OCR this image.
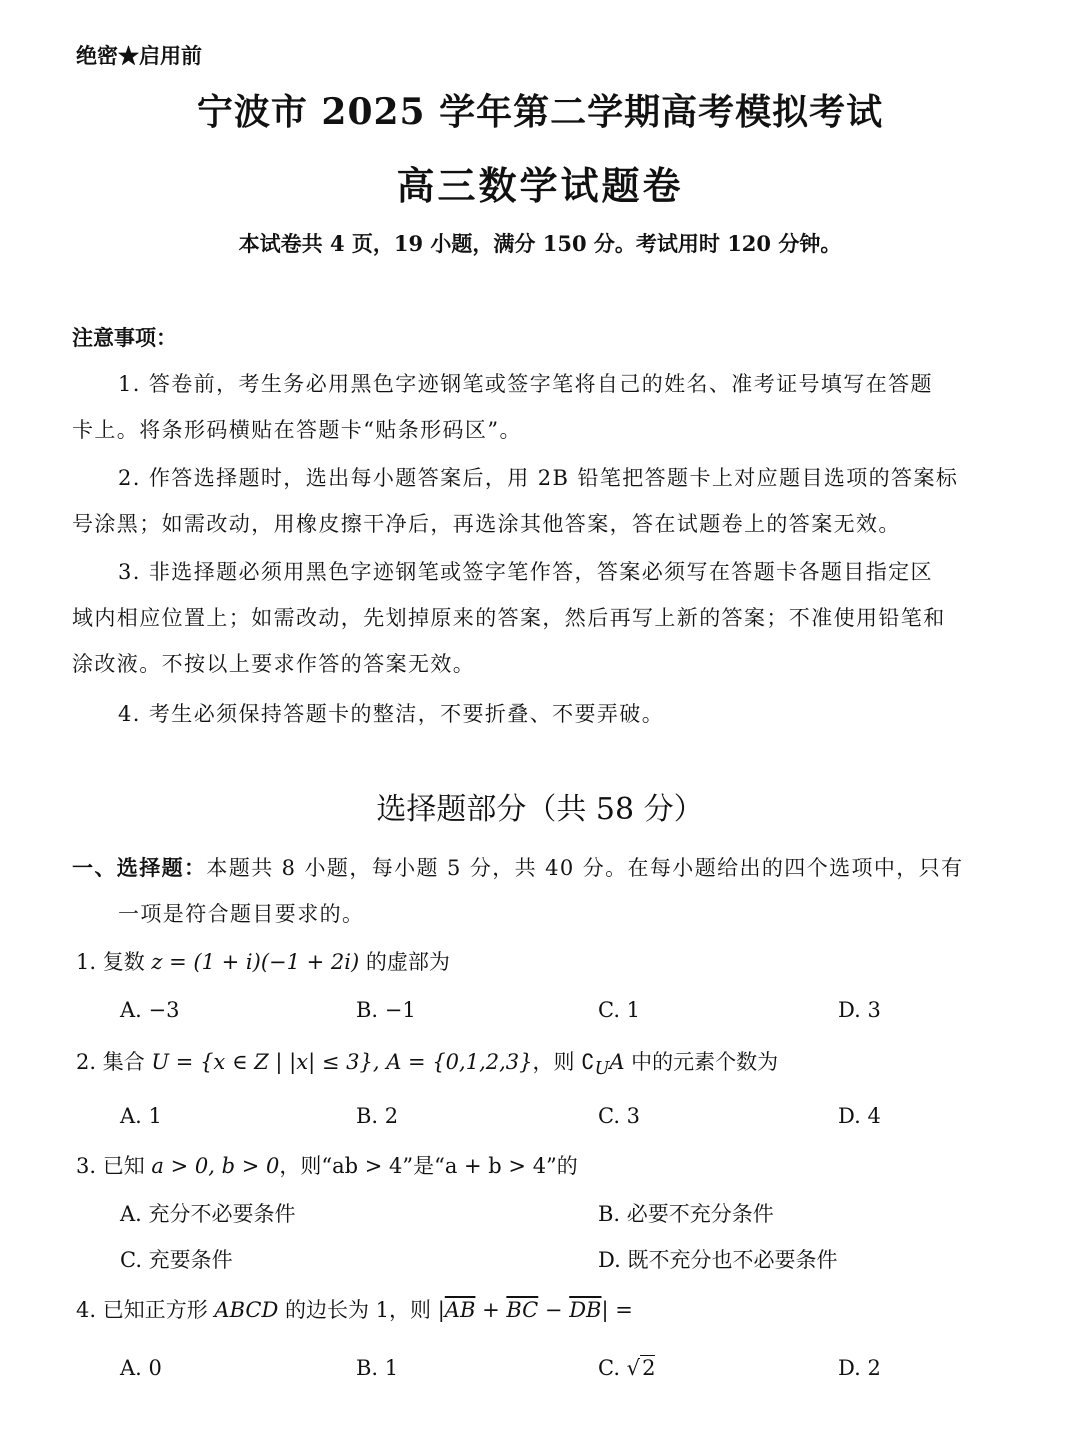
绝密★启用前
宁波市 2025 学年第二学期高考模拟考试
高三数学试题卷
本试卷共 4 页，19 小题，满分 150 分。考试用时 120 分钟。
注意事项：
1. 答卷前，考生务必用黑色字迹钢笔或签字笔将自己的姓名、准考证号填写在答题
卡上。将条形码横贴在答题卡“贴条形码区”。
2. 作答选择题时，选出每小题答案后，用 2B 铅笔把答题卡上对应题目选项的答案标
号涂黑；如需改动，用橡皮擦干净后，再选涂其他答案，答在试题卷上的答案无效。
3. 非选择题必须用黑色字迹钢笔或签字笔作答，答案必须写在答题卡各题目指定区
域内相应位置上；如需改动，先划掉原来的答案，然后再写上新的答案；不准使用铅笔和
涂改液。不按以上要求作答的答案无效。
4. 考生必须保持答题卡的整洁，不要折叠、不要弄破。
选择题部分（共 58 分）
一、选择题：本题共 8 小题，每小题 5 分，共 40 分。在每小题给出的四个选项中，只有
一项是符合题目要求的。
1. 复数 z = (1 + i)(−1 + 2i) 的虚部为
A. −3	B. −1	C. 1	D. 3
2. 集合 U = {x ∈ Z | |x| ≤ 3}, A = {0,1,2,3}，则 $∁_UA$ 中的元素个数为
A. 1	B. 2	C. 3	D. 4
3. 已知 a > 0, b > 0，则“ab > 4”是“a + b > 4”的
A. 充分不必要条件	B. 必要不充分条件
C. 充要条件	D. 既不充分也不必要条件
4. 已知正方形 ABCD 的边长为 1，则 $|\overline{AB} + \overline{BC} - \overline{DB}|$ =
A. 0	B. 1	C. √2	D. 2
